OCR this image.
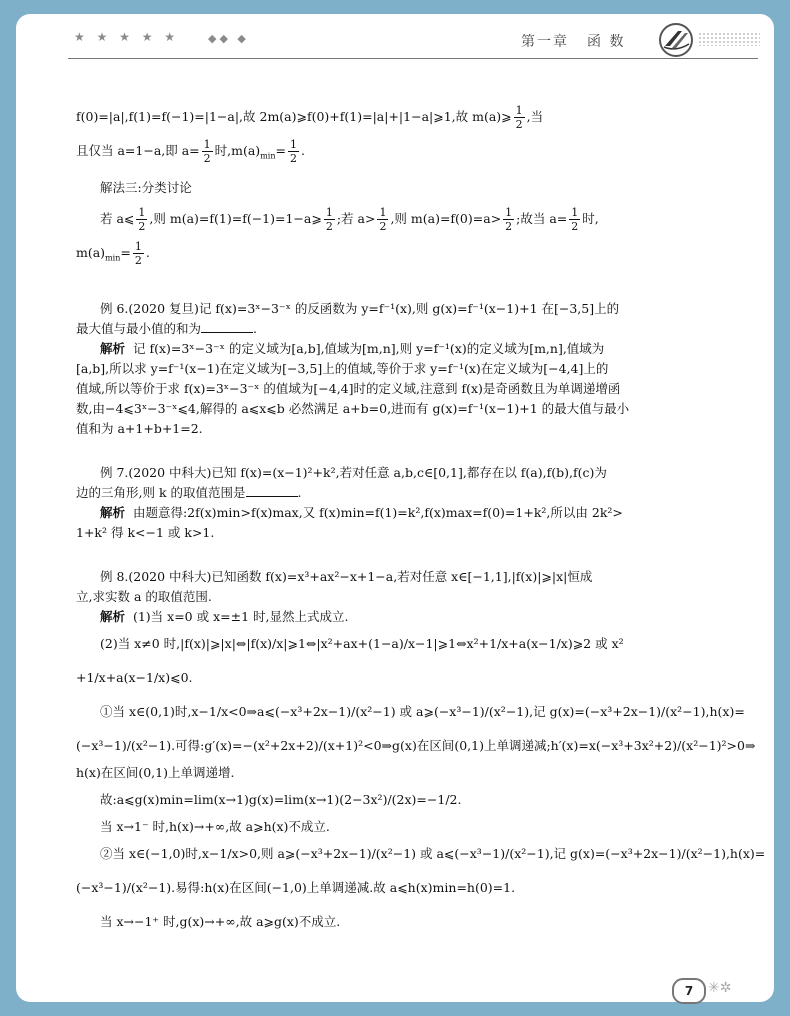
★ ★ ★ ★ ★	◆◆ ◆	第一章 函 数
f(0)=|a|,f(1)=f(−1)=|1−a|,故 2m(a)⩾f(0)+f(1)=|a|+|1−a|⩾1,故 m(a)⩾ $\frac{1}{2}$ ,当
且仅当 a=1−a,即 $a= \frac{1}{2}$ 时$,m(a)_{min}= \frac{1}{2}$ .
解法三:分类讨论
若 a⩽ $\frac{1}{2}$ ,则 m(a)=f(1)=f(−1)=1−a⩾ $\frac{1}{2}$ ;若 $a> \frac{1}{2}$ ,则 $m(a)=f(0)=a> \frac{1}{2}$ ;故当 $a= \frac{1}{2}$ 时,
$m(a)_{min}= \frac{1}{2}$ .
例 6.(2020 复旦)记 f(x)=3ˣ−3⁻ˣ 的反函数为 y=f⁻¹(x),则 g(x)=f⁻¹(x−1)+1 在[−3,5]上的
最大值与最小值的和为	.
解析 记 f(x)=3ˣ−3⁻ˣ 的定义域为[a,b],值域为[m,n],则 y=f⁻¹(x)的定义域为[m,n],值域为
[a,b],所以求 y=f⁻¹(x−1)在定义域为[−3,5]上的值域,等价于求 y=f⁻¹(x)在定义域为[−4,4]上的
值域,所以等价于求 f(x)=3ˣ−3⁻ˣ 的值域为[−4,4]时的定义域,注意到 f(x)是奇函数且为单调递增函
数,由−4⩽3ˣ−3⁻ˣ⩽4,解得的 a⩽x⩽b 必然满足 a+b=0,进而有 g(x)=f⁻¹(x−1)+1 的最大值与最小
值和为 a+1+b+1=2.
例 7.(2020 中科大)已知 f(x)=(x−1)²+k²,若对任意 a,b,c∈[0,1],都存在以 f(a),f(b),f(c)为
边的三角形,则 k 的取值范围是	.
解析 由题意得:2f(x)min>f(x)max,又 f(x)min=f(1)=k²,f(x)max=f(0)=1+k²,所以由 2k²>
1+k² 得 k<−1 或 k>1.
例 8.(2020 中科大)已知函数 f(x)=x³+ax²−x+1−a,若对任意 x∈[−1,1],|f(x)|⩾|x|恒成
立,求实数 a 的取值范围.
解析 (1)当 x=0 或 x=±1 时,显然上式成立.
(2)当 x≠0 时,|f(x)|⩾|x|⇔|f(x)/x|⩾1⇔|x²+ax+(1−a)/x−1|⩾1⇔x²+1/x+a(x−1/x)⩾2 或 x²
+1/x+a(x−1/x)⩽0.
①当 x∈(0,1)时,x−1/x<0⇒a⩽(−x³+2x−1)/(x²−1) 或 a⩾(−x³−1)/(x²−1),记 g(x)=(−x³+2x−1)/(x²−1),h(x)=
(−x³−1)/(x²−1).可得:g′(x)=−(x²+2x+2)/(x+1)²<0⇒g(x)在区间(0,1)上单调递减;h′(x)=x(−x³+3x²+2)/(x²−1)²>0⇒
h(x)在区间(0,1)上单调递增.
故:a⩽g(x)min=lim(x→1)g(x)=lim(x→1)(2−3x²)/(2x)=−1/2.
当 x→1⁻ 时,h(x)→+∞,故 a⩾h(x)不成立.
②当 x∈(−1,0)时,x−1/x>0,则 a⩾(−x³+2x−1)/(x²−1) 或 a⩽(−x³−1)/(x²−1),记 g(x)=(−x³+2x−1)/(x²−1),h(x)=
(−x³−1)/(x²−1).易得:h(x)在区间(−1,0)上单调递减.故 a⩽h(x)min=h(0)=1.
当 x→−1⁺ 时,g(x)→+∞,故 a⩾g(x)不成立.
7	✳✲
